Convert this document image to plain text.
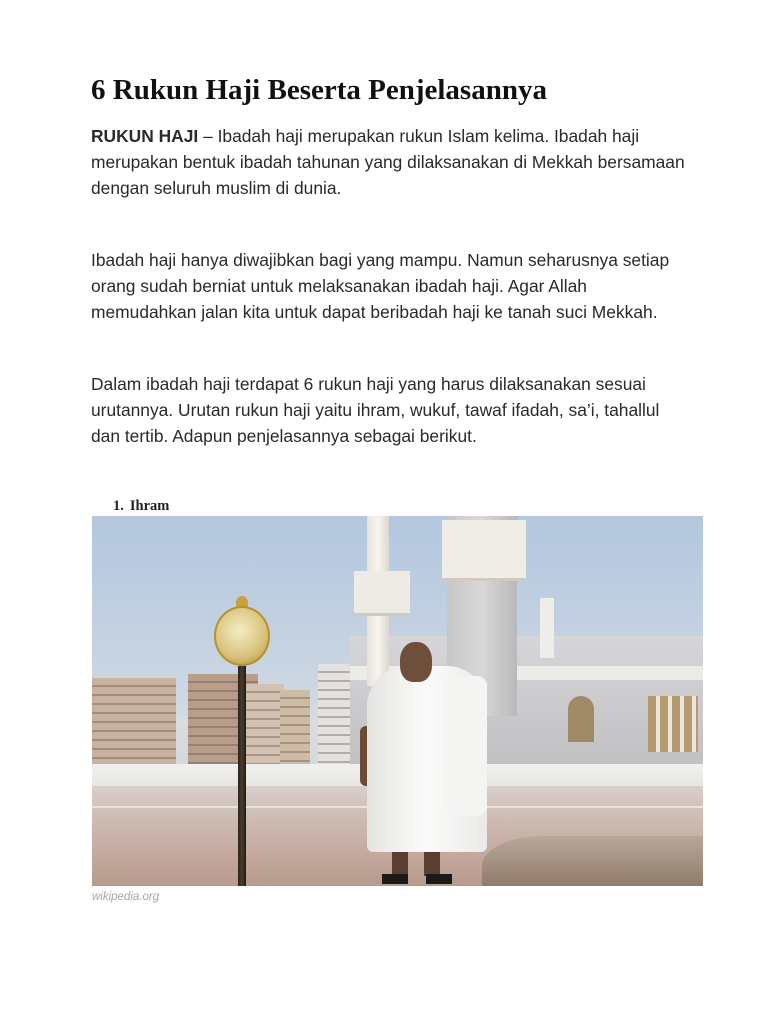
6 Rukun Haji Beserta Penjelasannya

RUKUN HAJI – Ibadah haji merupakan rukun Islam kelima. Ibadah haji merupakan bentuk ibadah tahunan yang dilaksanakan di Mekkah bersamaan dengan seluruh muslim di dunia.

Ibadah haji hanya diwajibkan bagi yang mampu. Namun seharusnya setiap orang sudah berniat untuk melaksanakan ibadah haji. Agar Allah memudahkan jalan kita untuk dapat beribadah haji ke tanah suci Mekkah.

Dalam ibadah haji terdapat 6 rukun haji yang harus dilaksanakan sesuai urutannya. Urutan rukun haji yaitu ihram, wukuf, tawaf ifadah, sa’i, tahallul dan tertib. Adapun penjelasannya sebagai berikut.

1. Ihram

wikipedia.org
